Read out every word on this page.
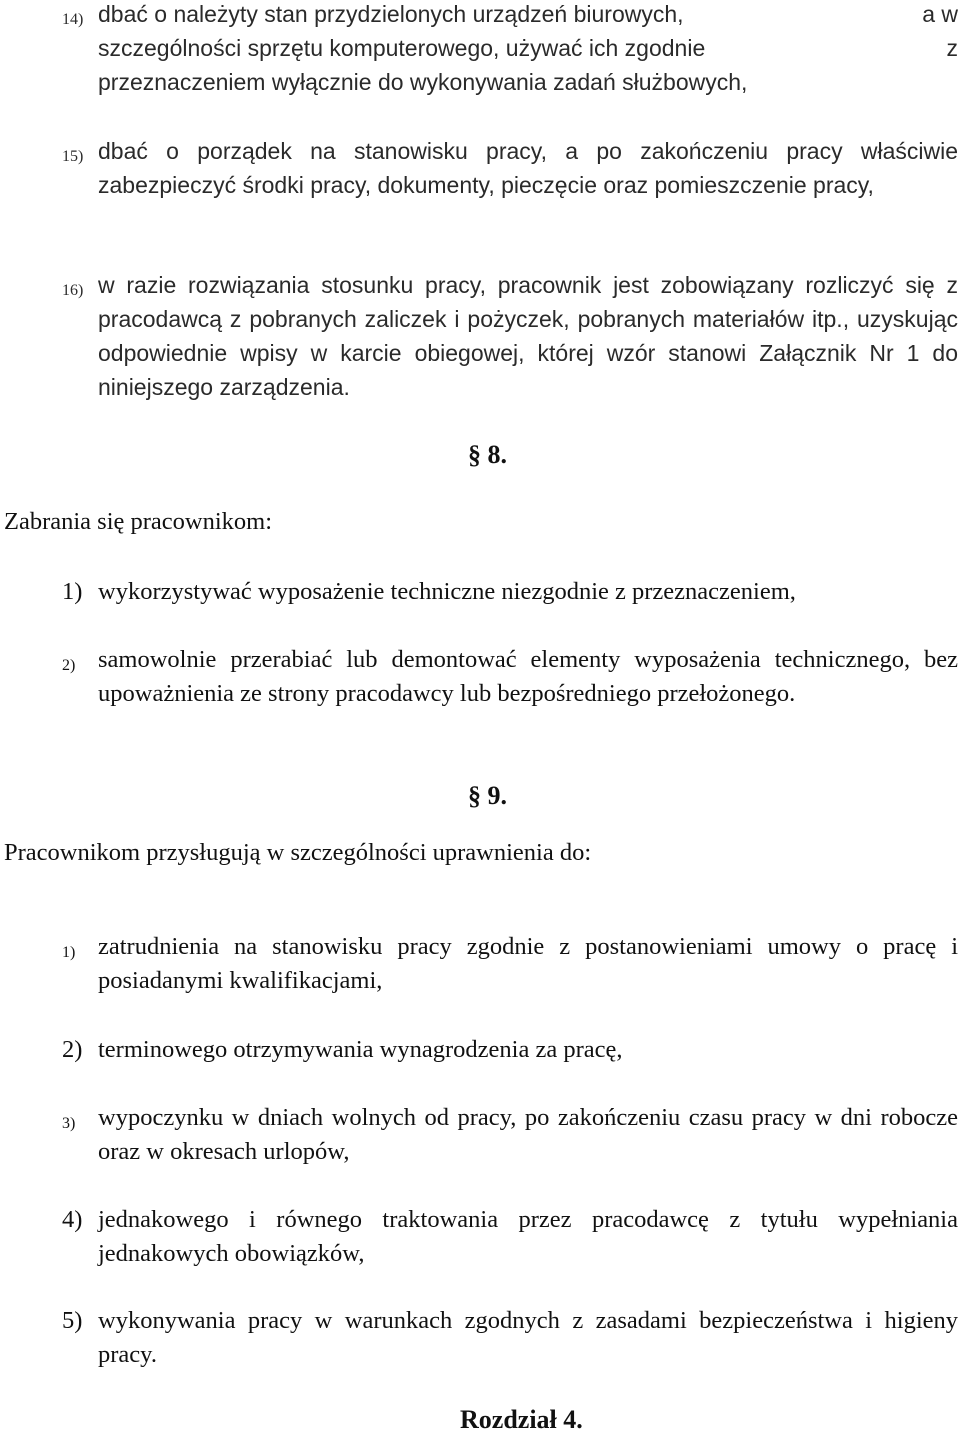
14) dbać o należyty stan przydzielonych urządzeń biurowych,	a w
szczególności sprzętu komputerowego, używać ich zgodnie	z
przeznaczeniem wyłącznie do wykonywania zadań służbowych,
15) dbać o porządek na stanowisku pracy, a po zakończeniu pracy właściwie zabezpieczyć środki pracy, dokumenty, pieczęcie oraz pomieszczenie pracy,
16) w razie rozwiązania stosunku pracy, pracownik jest zobowiązany rozliczyć się z pracodawcą z pobranych zaliczek i pożyczek, pobranych materiałów itp., uzyskując odpowiednie wpisy w karcie obiegowej, której wzór stanowi Załącznik Nr 1 do niniejszego zarządzenia.
§ 8.
Zabrania się pracownikom:
1) wykorzystywać wyposażenie techniczne niezgodnie z przeznaczeniem,
2) samowolnie przerabiać lub demontować elementy wyposażenia technicznego, bez upoważnienia ze strony pracodawcy lub bezpośredniego przełożonego.
§ 9.
Pracownikom przysługują w szczególności uprawnienia do:
1) zatrudnienia na stanowisku pracy zgodnie z postanowieniami umowy o pracę i posiadanymi kwalifikacjami,
2) terminowego otrzymywania wynagrodzenia za pracę,
3) wypoczynku w dniach wolnych od pracy, po zakończeniu czasu pracy w dni robocze oraz w okresach urlopów,
4) jednakowego i równego traktowania przez pracodawcę z tytułu wypełniania jednakowych obowiązków,
5) wykonywania pracy w warunkach zgodnych z zasadami bezpieczeństwa i higieny pracy.
Rozdział 4.
